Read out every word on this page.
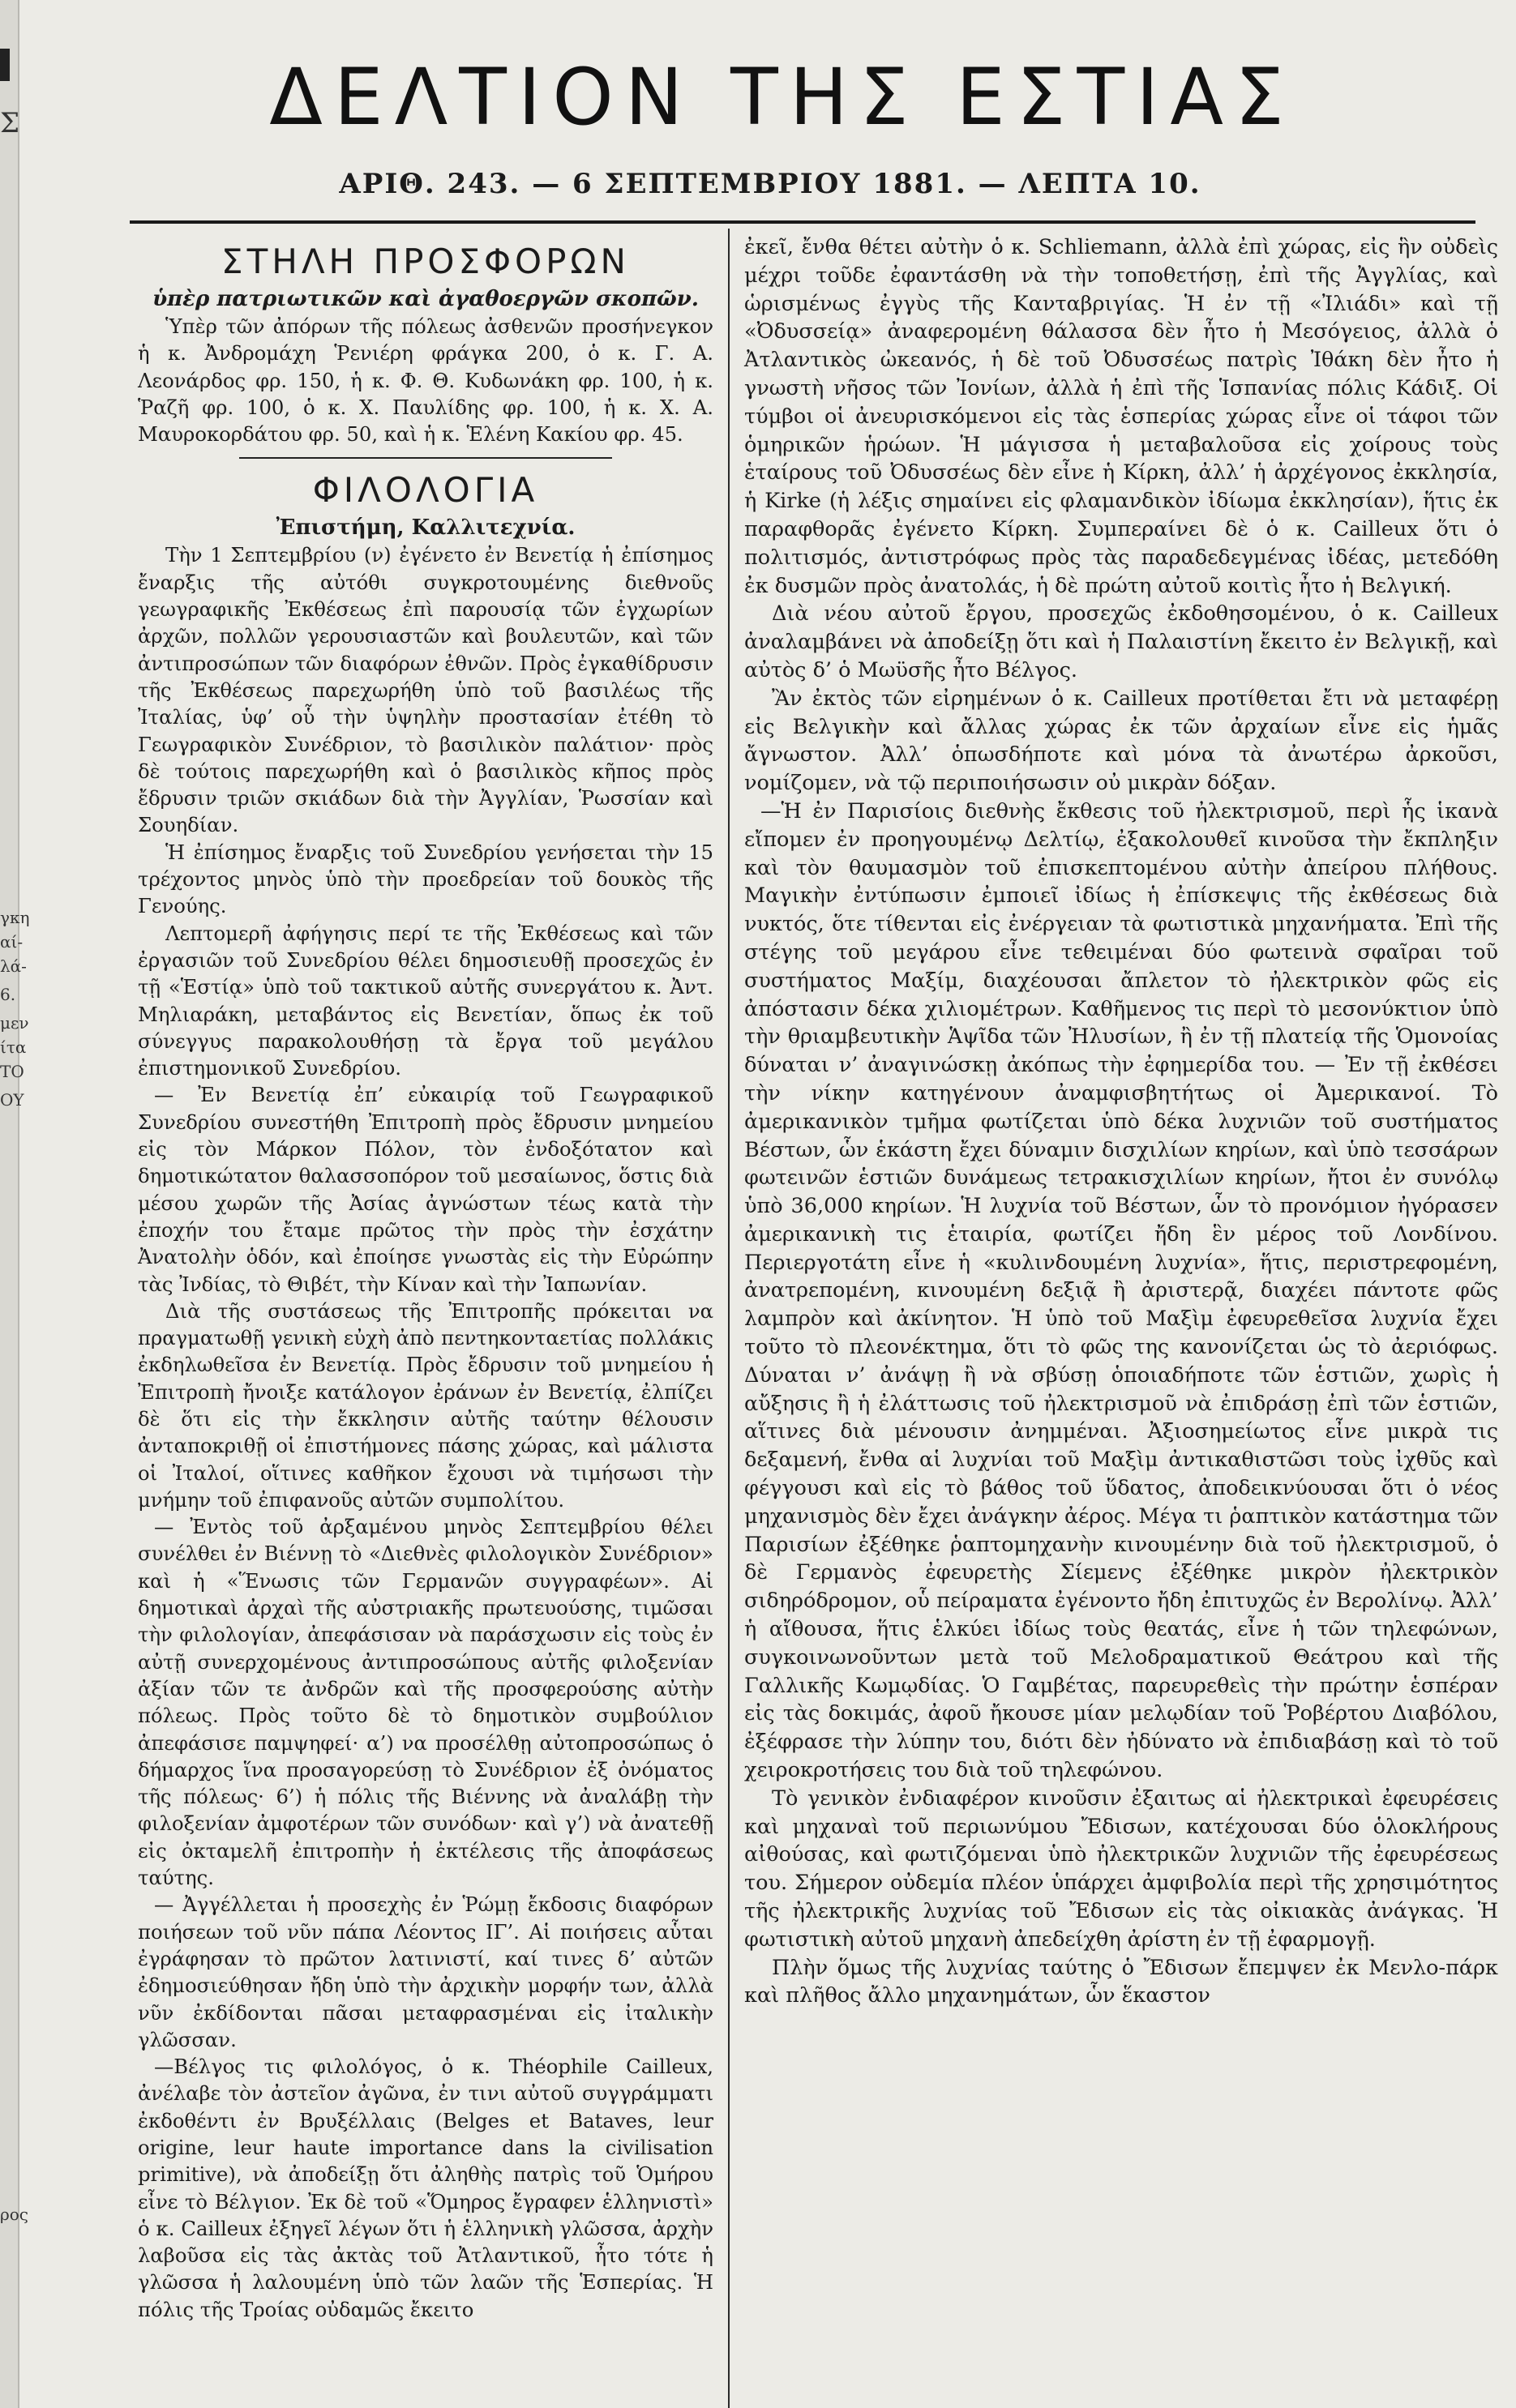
Σ
γκη
αί-
λά-
6.
μεν
ίτα
ΤΟ
ΟΥ
ρος
ΔΕΛΤΙΟΝ ΤΗΣ ΕΣΤΙΑΣ
ΑΡΙΘ. 243. — 6 ΣΕΠΤΕΜΒΡΙΟΥ 1881. — ΛΕΠΤΑ 10.
ΣΤΗΛΗ ΠΡΟΣΦΟΡΩΝ

ὑπὲρ πατριωτικῶν καὶ ἀγαθοεργῶν σκοπῶν.

Ὑπὲρ τῶν ἀπόρων τῆς πόλεως ἀσθενῶν προσήνεγκον ἡ κ. Ἀνδρομάχη Ῥενιέρη φράγκα 200, ὁ κ. Γ. Α. Λεονάρδος φρ. 150, ἡ κ. Φ. Θ. Κυδωνάκη φρ. 100, ἡ κ. Ῥαζῆ φρ. 100, ὁ κ. Χ. Παυλίδης φρ. 100, ἡ κ. Χ. Α. Μαυροκορδάτου φρ. 50, καὶ ἡ κ. Ἑλένη Κακίου φρ. 45.

ΦΙΛΟΛΟΓΙΑ

Ἐπιστήμη, Καλλιτεχνία.

Τὴν 1 Σεπτεμβρίου (ν) ἐγένετο ἐν Βενετίᾳ ἡ ἐπίσημος ἔναρξις τῆς αὐτόθι συγκροτουμένης διεθνοῦς γεωγραφικῆς Ἐκθέσεως ἐπὶ παρουσίᾳ τῶν ἐγχωρίων ἀρχῶν, πολλῶν γερουσιαστῶν καὶ βουλευτῶν, καὶ τῶν ἀντιπροσώπων τῶν διαφόρων ἐθνῶν. Πρὸς ἐγκαθίδρυσιν τῆς Ἐκθέσεως παρεχωρήθη ὑπὸ τοῦ βασιλέως τῆς Ἰταλίας, ὑφ’ οὗ τὴν ὑψηλὴν προστασίαν ἐτέθη τὸ Γεωγραφικὸν Συνέδριον, τὸ βασιλικὸν παλάτιον· πρὸς δὲ τούτοις παρεχωρήθη καὶ ὁ βασιλικὸς κῆπος πρὸς ἔδρυσιν τριῶν σκιάδων διὰ τὴν Ἀγγλίαν, Ῥωσσίαν καὶ Σουηδίαν.

Ἡ ἐπίσημος ἔναρξις τοῦ Συνεδρίου γενήσεται τὴν 15 τρέχοντος μηνὸς ὑπὸ τὴν προεδρείαν τοῦ δουκὸς τῆς Γενούης.

Λεπτομερῆ ἀφήγησις περί τε τῆς Ἐκθέσεως καὶ τῶν ἐργασιῶν τοῦ Συνεδρίου θέλει δημοσιευθῇ προσεχῶς ἐν τῇ «Ἑστίᾳ» ὑπὸ τοῦ τακτικοῦ αὐτῆς συνεργάτου κ. Ἀντ. Μηλιαράκη, μεταβάντος εἰς Βενετίαν, ὅπως ἐκ τοῦ σύνεγγυς παρακολουθήσῃ τὰ ἔργα τοῦ μεγάλου ἐπιστημονικοῦ Συνεδρίου.

— Ἐν Βενετίᾳ ἐπ’ εὐκαιρίᾳ τοῦ Γεωγραφικοῦ Συνεδρίου συνεστήθη Ἐπιτροπὴ πρὸς ἔδρυσιν μνημείου εἰς τὸν Μάρκον Πόλον, τὸν ἐνδοξότατον καὶ δημοτικώτατον θαλασσοπόρον τοῦ μεσαίωνος, ὅστις διὰ μέσου χωρῶν τῆς Ἀσίας ἀγνώστων τέως κατὰ τὴν ἐποχήν του ἔταμε πρῶτος τὴν πρὸς τὴν ἐσχάτην Ἀνατολὴν ὁδόν, καὶ ἐποίησε γνωστὰς εἰς τὴν Εὐρώπην τὰς Ἰνδίας, τὸ Θιβέτ, τὴν Κίναν καὶ τὴν Ἰαπωνίαν.

Διὰ τῆς συστάσεως τῆς Ἐπιτροπῆς πρόκειται να πραγματωθῇ γενικὴ εὐχὴ ἀπὸ πεντηκονταετίας πολλάκις ἐκδηλωθεῖσα ἐν Βενετίᾳ. Πρὸς ἔδρυσιν τοῦ μνημείου ἡ Ἐπιτροπὴ ἤνοιξε κατάλογον ἐράνων ἐν Βενετίᾳ, ἐλπίζει δὲ ὅτι εἰς τὴν ἔκκλησιν αὐτῆς ταύτην θέλουσιν ἀνταποκριθῇ οἱ ἐπιστήμονες πάσης χώρας, καὶ μάλιστα οἱ Ἰταλοί, οἵτινες καθῆκον ἔχουσι νὰ τιμήσωσι τὴν μνήμην τοῦ ἐπιφανοῦς αὐτῶν συμπολίτου.

— Ἐντὸς τοῦ ἀρξαμένου μηνὸς Σεπτεμβρίου θέλει συνέλθει ἐν Βιέννῃ τὸ «Διεθνὲς φιλολογικὸν Συνέδριον» καὶ ἡ «Ἕνωσις τῶν Γερμανῶν συγγραφέων». Αἱ δημοτικαὶ ἀρχαὶ τῆς αὐστριακῆς πρωτευούσης, τιμῶσαι τὴν φιλολογίαν, ἀπεφάσισαν νὰ παράσχωσιν εἰς τοὺς ἐν αὐτῇ συνερχομένους ἀντιπροσώπους αὐτῆς φιλοξενίαν ἀξίαν τῶν τε ἀνδρῶν καὶ τῆς προσφερούσης αὐτὴν πόλεως. Πρὸς τοῦτο δὲ τὸ δημοτικὸν συμβούλιον ἀπεφάσισε παμψηφεί· α’) να προσέλθῃ αὐτοπροσώπως ὁ δήμαρχος ἵνα προσαγορεύσῃ τὸ Συνέδριον ἐξ ὀνόματος τῆς πόλεως· 6’) ἡ πόλις τῆς Βιέννης νὰ ἀναλάβῃ τὴν φιλοξενίαν ἀμφοτέρων τῶν συνόδων· καὶ γ’) νὰ ἀνατεθῇ εἰς ὀκταμελῆ ἐπιτροπὴν ἡ ἐκτέλεσις τῆς ἀποφάσεως ταύτης.

— Ἀγγέλλεται ἡ προσεχὴς ἐν Ῥώμῃ ἔκδοσις διαφόρων ποιήσεων τοῦ νῦν πάπα Λέοντος ΙΓ’. Αἱ ποιήσεις αὗται ἐγράφησαν τὸ πρῶτον λατινιστί, καί τινες δ’ αὐτῶν ἐδημοσιεύθησαν ἤδη ὑπὸ τὴν ἀρχικὴν μορφήν των, ἀλλὰ νῦν ἐκδίδονται πᾶσαι μεταφρασμέναι εἰς ἰταλικὴν γλῶσσαν.

—Βέλγος τις φιλολόγος, ὁ κ. Théophile Cailleux, ἀνέλαβε τὸν ἀστεῖον ἀγῶνα, ἐν τινι αὐτοῦ συγγράμματι ἐκδοθέντι ἐν Βρυξέλλαις (Belges et Bataves, leur origine, leur haute importance dans la civilisation primitive), νὰ ἀποδείξῃ ὅτι ἀληθὴς πατρὶς τοῦ Ὁμήρου εἶνε τὸ Βέλγιον. Ἐκ δὲ τοῦ «Ὅμηρος ἔγραφεν ἑλληνιστὶ» ὁ κ. Cailleux ἐξηγεῖ λέγων ὅτι ἡ ἑλληνικὴ γλῶσσα, ἀρχὴν λαβοῦσα εἰς τὰς ἀκτὰς τοῦ Ἀτλαντικοῦ, ἦτο τότε ἡ γλῶσσα ἡ λαλουμένη ὑπὸ τῶν λαῶν τῆς Ἑσπερίας. Ἡ πόλις τῆς Τροίας οὐδαμῶς ἔκειτο

ἐκεῖ, ἔνθα θέτει αὐτὴν ὁ κ. Schliemann, ἀλλὰ ἐπὶ χώρας, εἰς ἣν οὐδεὶς μέχρι τοῦδε ἐφαντάσθη νὰ τὴν τοποθετήσῃ, ἐπὶ τῆς Ἀγγλίας, καὶ ὡρισμένως ἐγγὺς τῆς Κανταβριγίας. Ἡ ἐν τῇ «Ἰλιάδι» καὶ τῇ «Ὀδυσσείᾳ» ἀναφερομένη θάλασσα δὲν ἦτο ἡ Μεσόγειος, ἀλλὰ ὁ Ἀτλαντικὸς ὠκεανός, ἡ δὲ τοῦ Ὀδυσσέως πατρὶς Ἰθάκη δὲν ἦτο ἡ γνωστὴ νῆσος τῶν Ἰονίων, ἀλλὰ ἡ ἐπὶ τῆς Ἱσπανίας πόλις Κάδιξ. Οἱ τύμβοι οἱ ἀνευρισκόμενοι εἰς τὰς ἑσπερίας χώρας εἶνε οἱ τάφοι τῶν ὁμηρικῶν ἡρώων. Ἡ μάγισσα ἡ μεταβαλοῦσα εἰς χοίρους τοὺς ἑταίρους τοῦ Ὀδυσσέως δὲν εἶνε ἡ Κίρκη, ἀλλ’ ἡ ἀρχέγονος ἐκκλησία, ἡ Kirke (ἡ λέξις σημαίνει εἰς φλαμανδικὸν ἰδίωμα ἐκκλησίαν), ἥτις ἐκ παραφθορᾶς ἐγένετο Κίρκη. Συμπεραίνει δὲ ὁ κ. Cailleux ὅτι ὁ πολιτισμός, ἀντιστρόφως πρὸς τὰς παραδεδεγμένας ἰδέας, μετεδόθη ἐκ δυσμῶν πρὸς ἀνατολάς, ἡ δὲ πρώτη αὐτοῦ κοιτὶς ἦτο ἡ Βελγική.

Διὰ νέου αὐτοῦ ἔργου, προσεχῶς ἐκδοθησομένου, ὁ κ. Cailleux ἀναλαμβάνει νὰ ἀποδείξῃ ὅτι καὶ ἡ Παλαιστίνη ἔκειτο ἐν Βελγικῇ, καὶ αὐτὸς δ’ ὁ Μωϋσῆς ἦτο Βέλγος.

Ἂν ἐκτὸς τῶν εἰρημένων ὁ κ. Cailleux προτίθεται ἔτι νὰ μεταφέρῃ εἰς Βελγικὴν καὶ ἄλλας χώρας ἐκ τῶν ἀρχαίων εἶνε εἰς ἡμᾶς ἄγνωστον. Ἀλλ’ ὁπωσδήποτε καὶ μόνα τὰ ἀνωτέρω ἀρκοῦσι, νομίζομεν, νὰ τῷ περιποιήσωσιν οὐ μικρὰν δόξαν.

—Ἡ ἐν Παρισίοις διεθνὴς ἔκθεσις τοῦ ἠλεκτρισμοῦ, περὶ ἧς ἱκανὰ εἴπομεν ἐν προηγουμένῳ Δελτίῳ, ἐξακολουθεῖ κινοῦσα τὴν ἔκπληξιν καὶ τὸν θαυμασμὸν τοῦ ἐπισκεπτομένου αὐτὴν ἀπείρου πλήθους. Μαγικὴν ἐντύπωσιν ἐμποιεῖ ἰδίως ἡ ἐπίσκεψις τῆς ἐκθέσεως διὰ νυκτός, ὅτε τίθενται εἰς ἐνέργειαν τὰ φωτιστικὰ μηχανήματα. Ἐπὶ τῆς στέγης τοῦ μεγάρου εἶνε τεθειμέναι δύο φωτεινὰ σφαῖραι τοῦ συστήματος Μαξίμ, διαχέουσαι ἄπλετον τὸ ἠλεκτρικὸν φῶς εἰς ἀπόστασιν δέκα χιλιομέτρων. Καθῆμενος τις περὶ τὸ μεσονύκτιον ὑπὸ τὴν θριαμβευτικὴν Ἁψῖδα τῶν Ἠλυσίων, ἢ ἐν τῇ πλατείᾳ τῆς Ὁμονοίας δύναται ν’ ἀναγινώσκῃ ἀκόπως τὴν ἐφημερίδα του. — Ἐν τῇ ἐκθέσει τὴν νίκην κατηγένουν ἀναμφισβητήτως οἱ Ἀμερικανοί. Τὸ ἀμερικανικὸν τμῆμα φωτίζεται ὑπὸ δέκα λυχνιῶν τοῦ συστήματος Βέστων, ὧν ἑκάστη ἔχει δύναμιν δισχιλίων κηρίων, καὶ ὑπὸ τεσσάρων φωτεινῶν ἑστιῶν δυνάμεως τετρακισχιλίων κηρίων, ἤτοι ἐν συνόλῳ ὑπὸ 36,000 κηρίων. Ἡ λυχνία τοῦ Βέστων, ὧν τὸ προνόμιον ἠγόρασεν ἀμερικανικὴ τις ἑταιρία, φωτίζει ἤδη ἓν μέρος τοῦ Λονδίνου. Περιεργοτάτη εἶνε ἡ «κυλινδουμένη λυχνία», ἥτις, περιστρεφομένη, ἀνατρεπομένη, κινουμένη δεξιᾷ ἢ ἀριστερᾷ, διαχέει πάντοτε φῶς λαμπρὸν καὶ ἀκίνητον. Ἡ ὑπὸ τοῦ Μαξὶμ ἐφευρεθεῖσα λυχνία ἔχει τοῦτο τὸ πλεονέκτημα, ὅτι τὸ φῶς της κανονίζεται ὡς τὸ ἀεριόφως. Δύναται ν’ ἀνάψῃ ἢ νὰ σβύσῃ ὁποιαδήποτε τῶν ἑστιῶν, χωρὶς ἡ αὔξησις ἢ ἡ ἐλάττωσις τοῦ ἠλεκτρισμοῦ νὰ ἐπιδράσῃ ἐπὶ τῶν ἑστιῶν, αἵτινες διὰ μένουσιν ἀνημμέναι. Ἀξιοσημείωτος εἶνε μικρὰ τις δεξαμενή, ἔνθα αἱ λυχνίαι τοῦ Μαξὶμ ἀντικαθιστῶσι τοὺς ἰχθῦς καὶ φέγγουσι καὶ εἰς τὸ βάθος τοῦ ὕδατος, ἀποδεικνύουσαι ὅτι ὁ νέος μηχανισμὸς δὲν ἔχει ἀνάγκην ἀέρος. Μέγα τι ῥαπτικὸν κατάστημα τῶν Παρισίων ἐξέθηκε ῥαπτομηχανὴν κινουμένην διὰ τοῦ ἠλεκτρισμοῦ, ὁ δὲ Γερμανὸς ἐφευρετὴς Σίεμενς ἐξέθηκε μικρὸν ἠλεκτρικὸν σιδηρόδρομον, οὗ πείραματα ἐγένοντο ἤδη ἐπιτυχῶς ἐν Βερολίνῳ. Ἀλλ’ ἡ αἴθουσα, ἥτις ἑλκύει ἰδίως τοὺς θεατάς, εἶνε ἡ τῶν τηλεφώνων, συγκοινωνοῦντων μετὰ τοῦ Μελοδραματικοῦ Θεάτρου καὶ τῆς Γαλλικῆς Κωμῳδίας. Ὁ Γαμβέτας, παρευρεθεὶς τὴν πρώτην ἑσπέραν εἰς τὰς δοκιμάς, ἀφοῦ ἤκουσε μίαν μελῳδίαν τοῦ Ῥοβέρτου Διαβόλου, ἐξέφρασε τὴν λύπην του, διότι δὲν ἠδύνατο νὰ ἐπιδιαβάσῃ καὶ τὸ τοῦ χειροκροτήσεις του διὰ τοῦ τηλεφώνου.

Τὸ γενικὸν ἐνδιαφέρον κινοῦσιν ἐξαιτως αἱ ἠλεκτρικαὶ ἐφευρέσεις καὶ μηχαναὶ τοῦ περιωνύμου Ἔδισων, κατέχουσαι δύο ὁλοκλήρους αἰθούσας, καὶ φωτιζόμεναι ὑπὸ ἠλεκτρικῶν λυχνιῶν τῆς ἐφευρέσεως του. Σήμερον οὐδεμία πλέον ὑπάρχει ἀμφιβολία περὶ τῆς χρησιμότητος τῆς ἠλεκτρικῆς λυχνίας τοῦ Ἔδισων εἰς τὰς οἰκιακὰς ἀνάγκας. Ἡ φωτιστικὴ αὐτοῦ μηχανὴ ἀπεδείχθη ἀρίστη ἐν τῇ ἐφαρμογῇ.

Πλὴν ὅμως τῆς λυχνίας ταύτης ὁ Ἔδισων ἔπεμψεν ἐκ Μενλο-πάρκ καὶ πλῆθος ἄλλο μηχανημάτων, ὧν ἕκαστον
